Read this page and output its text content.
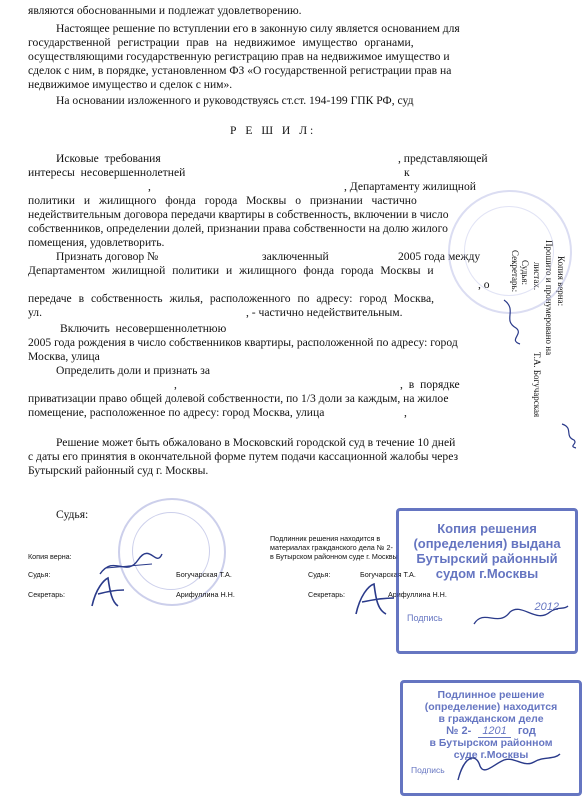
являются обоснованными и подлежат удовлетворению.
Настоящее решение по вступлении его в законную силу является основанием для
государственной регистрации прав на недвижимое имущество органами,
осуществляющими государственную регистрацию прав на недвижимое имущество и
сделок с ним, в порядке, установленном ФЗ «О государственной регистрации прав на
недвижимое имущество и сделок с ним».
На основании изложенного и руководствуясь ст.ст. 194-199 ГПК РФ, суд
Р Е Ш И Л:
Исковые требования	, представляющей
интересы несовершеннолетней	к
,	, Департаменту жилищной
политики и жилищного фонда города Москвы о признании частично
недействительным договора передачи квартиры в собственность, включении в число
собственников, определении долей, признании права собственности на долю жилого
помещения, удовлетворить.
Признать договор №	заключенный	2005 года между
Департаментом жилищной политики и жилищного фонда города Москвы и
, о
передаче в собственность жилья, расположенного по адресу: город Москва,
ул.	, - частично недействительным.
Включить несовершеннолетнюю
2005 года рождения в число собственников квартиры, расположенной по адресу: город
Москва, улица
Определить доли и признать за
,	, в порядке
приватизации право общей долевой собственности, по 1/3 доли за каждым, на жилое
помещение, расположенное по адресу: город Москва, улица	,
Решение может быть обжаловано в Московский городской суд в течение 10 дней
с даты его принятия в окончательной форме путем подачи кассационной жалобы через
Бутырский районный суд г. Москвы.
Судья:
Копия верна:
Судья:	Богучарская Т.А.
Секретарь:	Арифуллина Н.Н.
Подлинник решения находится в
материалах гражданского дела № 2-
в Бутырском районном суде г. Москвы
Судья:	Богучарская Т.А.
Секретарь:	Арифуллина Н.Н.
Копия решения
(определения) выдана
Бутырский районный
судом г.Москвы
2012
Подпись
Подлинное решение
(определение) находится
в гражданском деле
№ 2- 1201 год
в Бутырском районном
суде г.Москвы
Подпись
Копия верна:
Прошито и пронумеровано на
листах.
Судья:
Т.А. Богучарская
Секретарь:
